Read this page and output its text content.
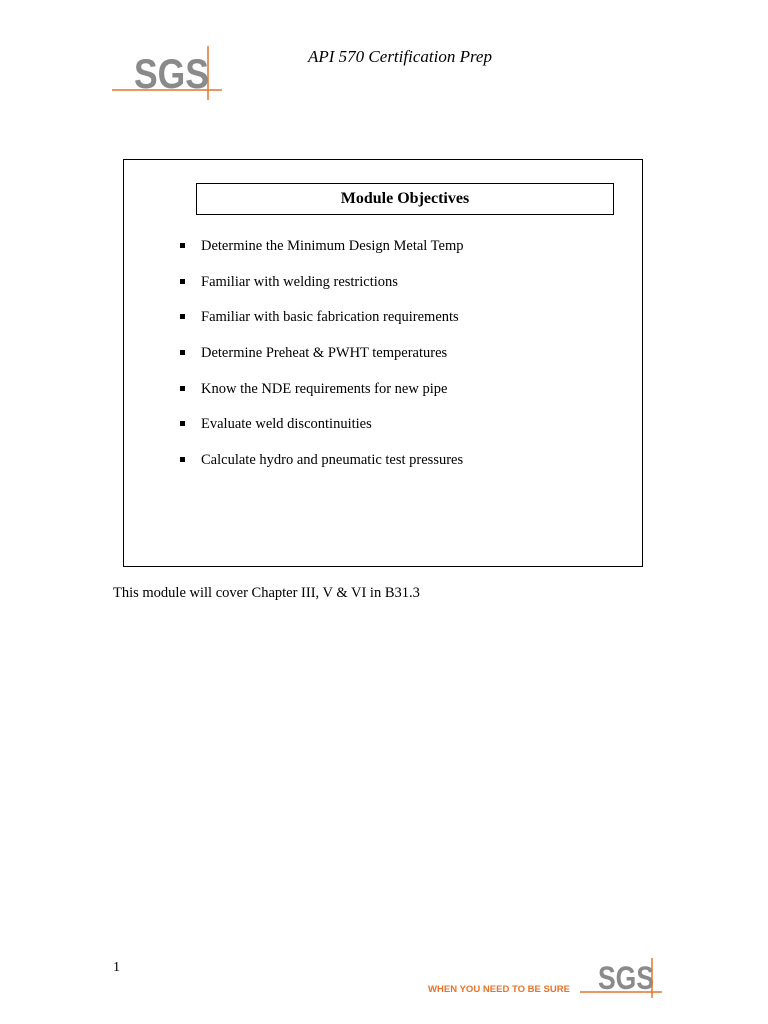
SGS	API 570 Certification Prep
Module Objectives
Determine the Minimum Design Metal Temp
Familiar with welding restrictions
Familiar with basic fabrication requirements
Determine Preheat & PWHT temperatures
Know the NDE requirements for new pipe
Evaluate weld discontinuities
Calculate hydro and pneumatic test pressures
This module will cover Chapter III, V & VI in B31.3
1
WHEN YOU NEED TO BE SURE SGS
